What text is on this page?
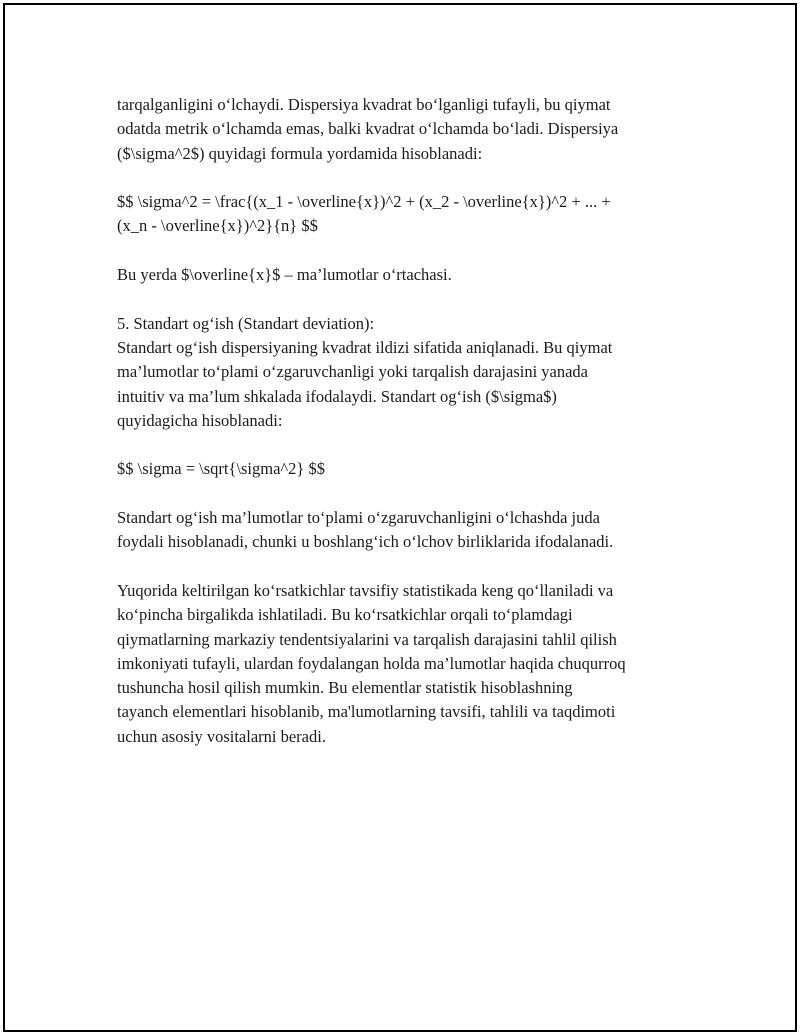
tarqalganligini o‘lchaydi. Dispersiya kvadrat bo‘lganligi tufayli, bu qiymat
odatda metrik o‘lchamda emas, balki kvadrat o‘lchamda bo‘ladi. Dispersiya
($\sigma^2$) quyidagi formula yordamida hisoblanadi:

$$ \sigma^2 = \frac{(x_1 - \overline{x})^2 + (x_2 - \overline{x})^2 + ... +
(x_n - \overline{x})^2}{n} $$

Bu yerda $\overline{x}$ – ma’lumotlar o‘rtachasi.

5. Standart og‘ish (Standart deviation):

Standart og‘ish dispersiyaning kvadrat ildizi sifatida aniqlanadi. Bu qiymat
ma’lumotlar to‘plami o‘zgaruvchanligi yoki tarqalish darajasini yanada
intuitiv va ma’lum shkalada ifodalaydi. Standart og‘ish ($\sigma$)
quyidagicha hisoblanadi:

$$ \sigma = \sqrt{\sigma^2} $$

Standart og‘ish ma’lumotlar to‘plami o‘zgaruvchanligini o‘lchashda juda
foydali hisoblanadi, chunki u boshlang‘ich o‘lchov birliklarida ifodalanadi.

Yuqorida keltirilgan ko‘rsatkichlar tavsifiy statistikada keng qo‘llaniladi va
ko‘pincha birgalikda ishlatiladi. Bu ko‘rsatkichlar orqali to‘plamdagi
qiymatlarning markaziy tendentsiyalarini va tarqalish darajasini tahlil qilish
imkoniyati tufayli, ulardan foydalangan holda ma’lumotlar haqida chuqurroq
tushuncha hosil qilish mumkin. Bu elementlar statistik hisoblashning
tayanch elementlari hisoblanib, ma'lumotlarning tavsifi, tahlili va taqdimoti
uchun asosiy vositalarni beradi.
